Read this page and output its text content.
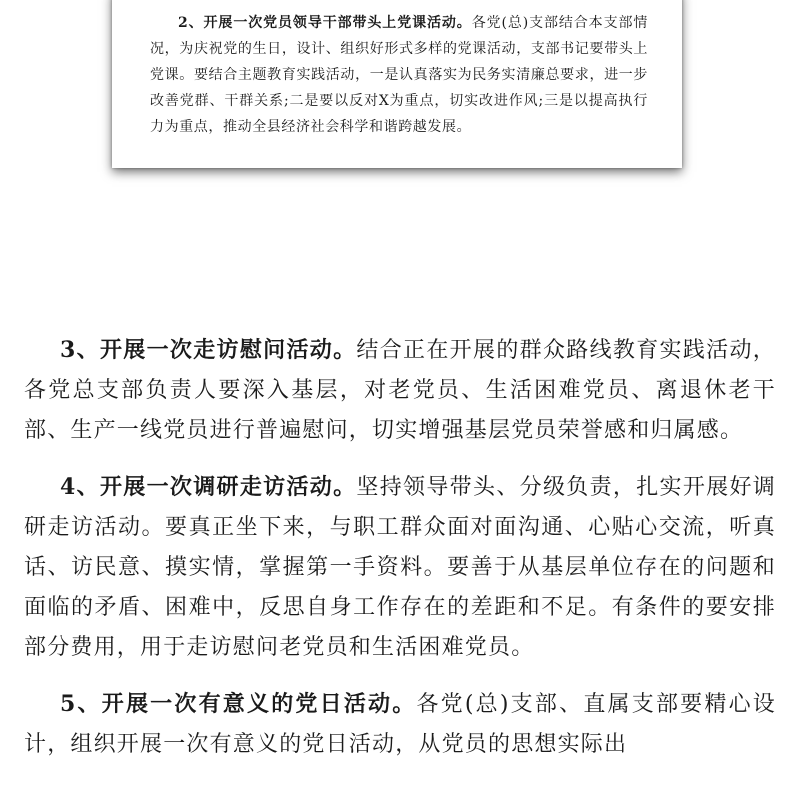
2、开展一次党员领导干部带头上党课活动。各党(总)支部结合本支部情况，为庆祝党的生日，设计、组织好形式多样的党课活动，支部书记要带头上党课。要结合主题教育实践活动，一是认真落实为民务实清廉总要求，进一步改善党群、干群关系;二是要以反对X为重点，切实改进作风;三是以提高执行力为重点，推动全县经济社会科学和谐跨越发展。

3、开展一次走访慰问活动。结合正在开展的群众路线教育实践活动，各党总支部负责人要深入基层，对老党员、生活困难党员、离退休老干部、生产一线党员进行普遍慰问，切实增强基层党员荣誉感和归属感。

4、开展一次调研走访活动。坚持领导带头、分级负责，扎实开展好调研走访活动。要真正坐下来，与职工群众面对面沟通、心贴心交流，听真话、访民意、摸实情，掌握第一手资料。要善于从基层单位存在的问题和面临的矛盾、困难中，反思自身工作存在的差距和不足。有条件的要安排部分费用，用于走访慰问老党员和生活困难党员。

5、开展一次有意义的党日活动。各党(总)支部、直属支部要精心设计，组织开展一次有意义的党日活动，从党员的思想实际出
